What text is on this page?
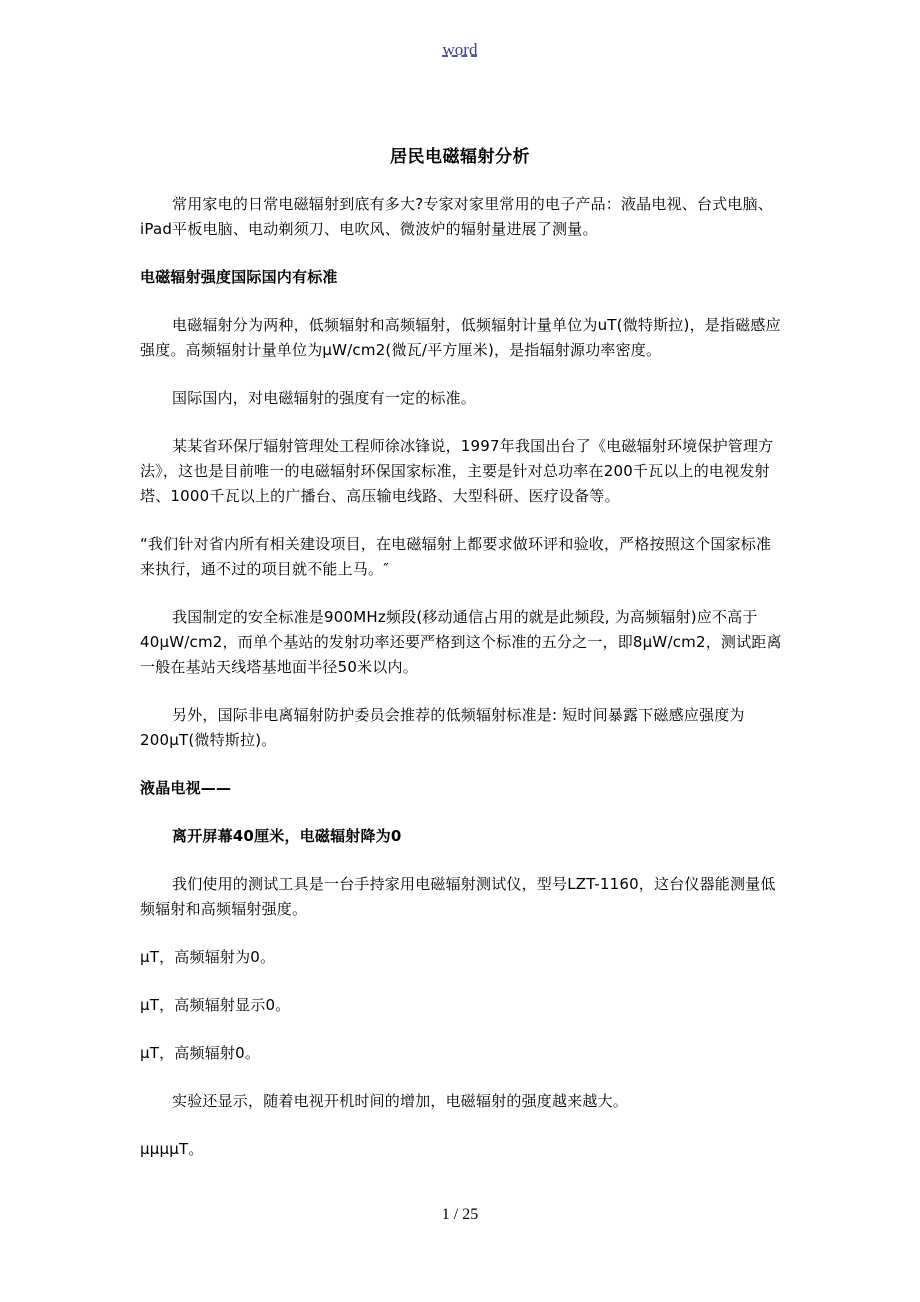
word
居民电磁辐射分析

常用家电的日常电磁辐射到底有多大?专家对家里常用的电子产品：液晶电视、台式电脑、iPad平板电脑、电动剃须刀、电吹风、微波炉的辐射量进展了测量。

电磁辐射强度国际国内有标准

电磁辐射分为两种，低频辐射和高频辐射，低频辐射计量单位为uT(微特斯拉)，是指磁感应强度。高频辐射计量单位为μW/cm2(微瓦/平方厘米)，是指辐射源功率密度。

国际国内，对电磁辐射的强度有一定的标准。

某某省环保厅辐射管理处工程师徐冰锋说，1997年我国出台了《电磁辐射环境保护管理方法》，这也是目前唯一的电磁辐射环保国家标准，主要是针对总功率在200千瓦以上的电视发射塔、1000千瓦以上的广播台、高压输电线路、大型科研、医疗设备等。

“我们针对省内所有相关建设项目，在电磁辐射上都要求做环评和验收，严格按照这个国家标准来执行，通不过的项目就不能上马。″

我国制定的安全标准是900MHz频段(移动通信占用的就是此频段, 为高频辐射)应不高于40μW/cm2，而单个基站的发射功率还要严格到这个标准的五分之一，即8μW/cm2，测试距离一般在基站天线塔基地面半径50米以内。

另外，国际非电离辐射防护委员会推荐的低频辐射标准是: 短时间暴露下磁感应强度为200μT(微特斯拉)。

液晶电视——

离开屏幕40厘米，电磁辐射降为0

我们使用的测试工具是一台手持家用电磁辐射测试仪，型号LZT-1160，这台仪器能测量低频辐射和高频辐射强度。

μT，高频辐射为0。

μT，高频辐射显示0。

μT，高频辐射0。

实验还显示，随着电视开机时间的增加，电磁辐射的强度越来越大。

μμμμT。

1 / 25
